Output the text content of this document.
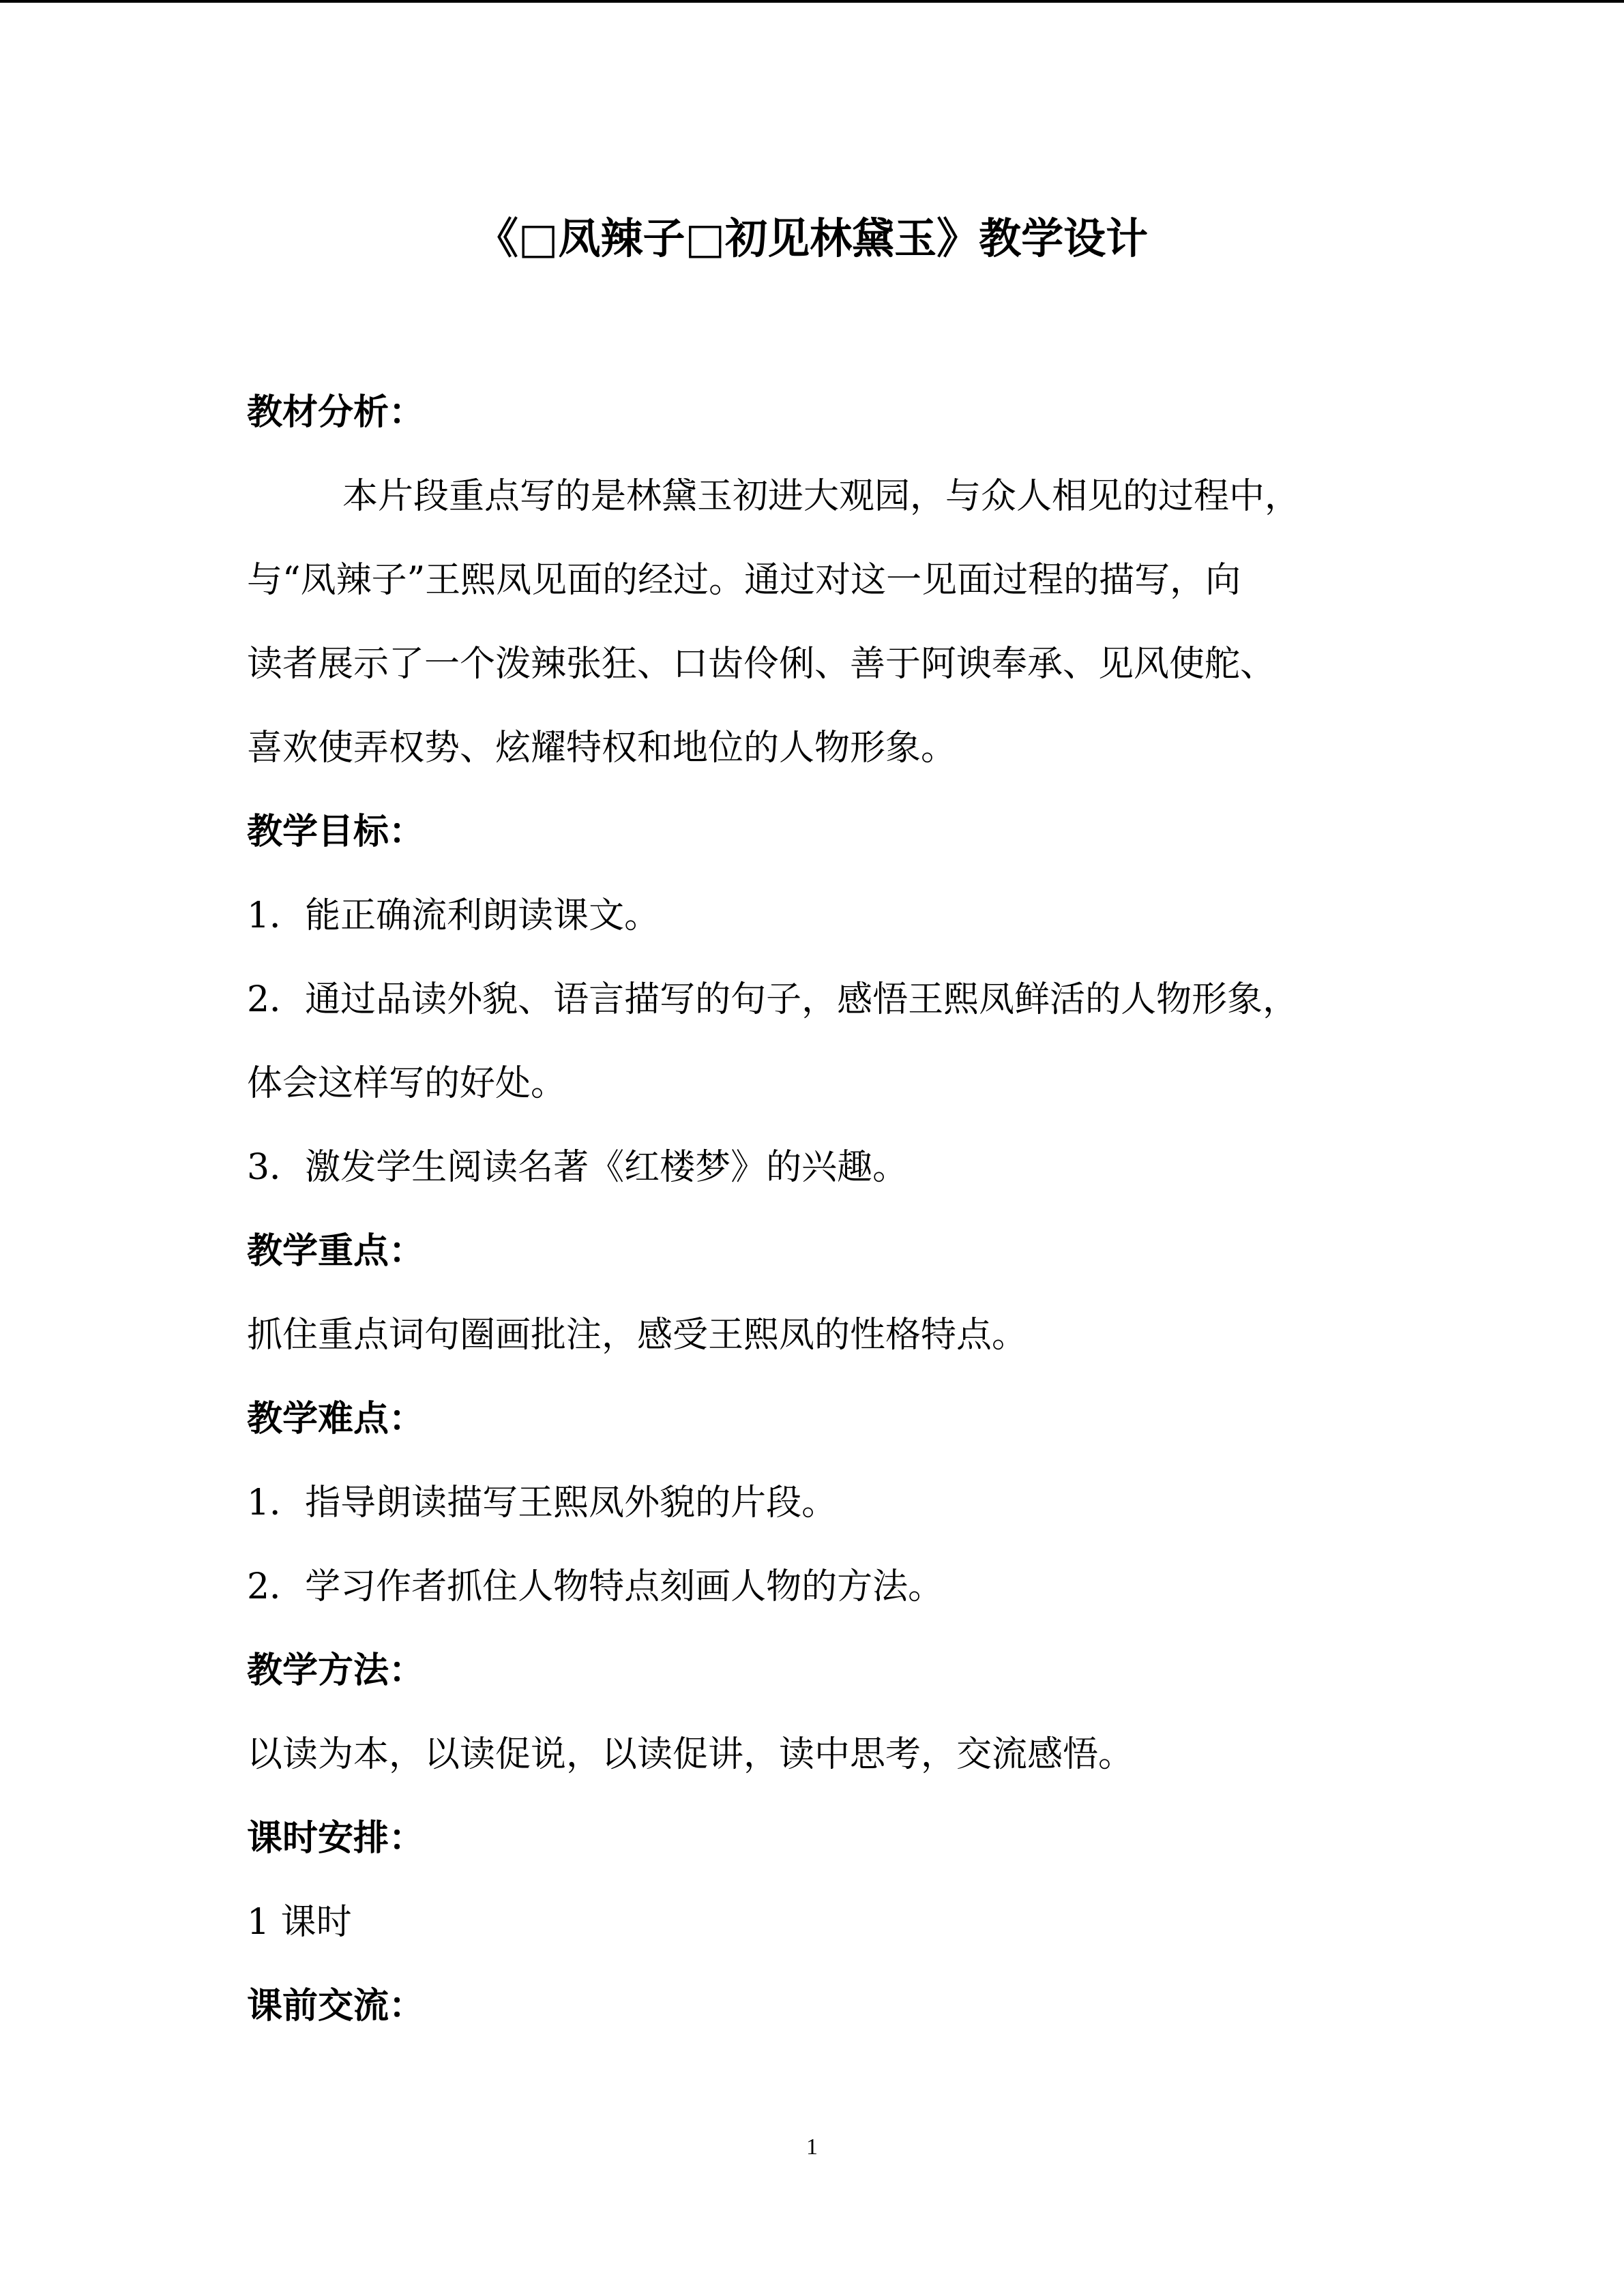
《□凤辣子□初见林黛玉》教学设计
教材分析：
本片段重点写的是林黛玉初进大观园，与众人相见的过程中，
与“凤辣子”王熙凤见面的经过。通过对这一见面过程的描写，向
读者展示了一个泼辣张狂、口齿伶俐、善于阿谀奉承、见风使舵、
喜欢使弄权势、炫耀特权和地位的人物形象。
教学目标：
1．能正确流利朗读课文。
2．通过品读外貌、语言描写的句子，感悟王熙凤鲜活的人物形象，
体会这样写的好处。
3．激发学生阅读名著《红楼梦》的兴趣。
教学重点：
抓住重点词句圈画批注，感受王熙凤的性格特点。
教学难点：
1．指导朗读描写王熙凤外貌的片段。
2．学习作者抓住人物特点刻画人物的方法。
教学方法：
以读为本，以读促说，以读促讲，读中思考，交流感悟。
课时安排：
1 课时
课前交流：
1
